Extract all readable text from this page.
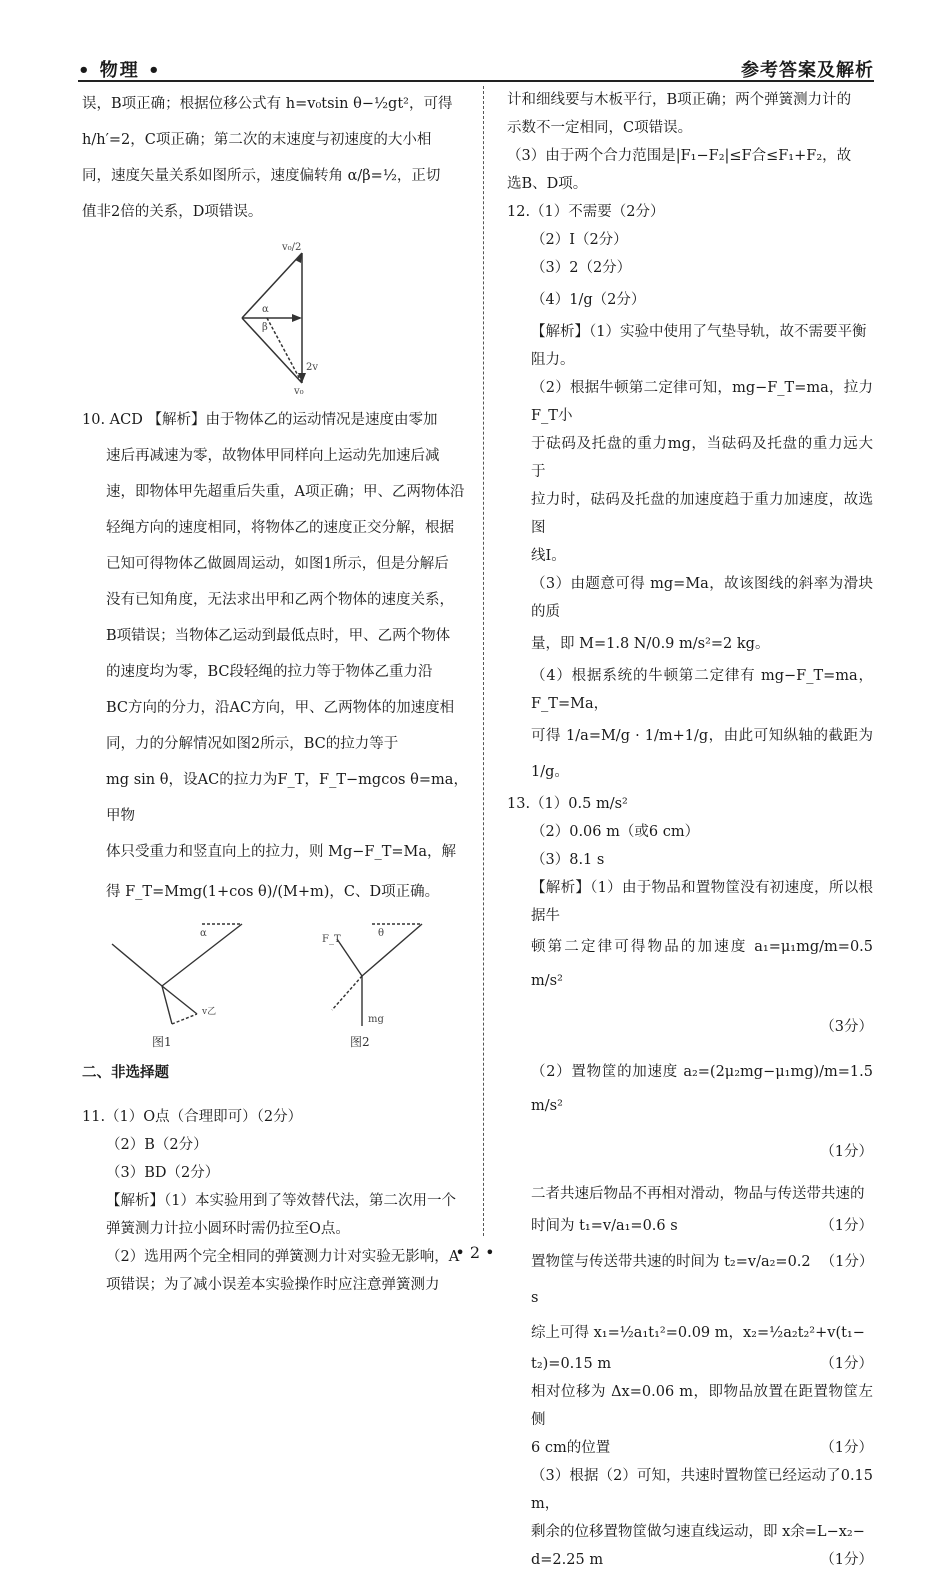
• 物理 •	参考答案及解析

误，B项正确；根据位移公式有 h=v₀tsin θ−½gt²，可得

h/h′=2，C项正确；第二次的末速度与初速度的大小相

同，速度矢量关系如图所示，速度偏转角 α/β=½，正切

值非2倍的关系，D项错误。

v₀/2
α
β
v₀
2v

10. ACD 【解析】由于物体乙的运动情况是速度由零加

速后再减速为零，故物体甲同样向上运动先加速后减

速，即物体甲先超重后失重，A项正确；甲、乙两物体沿

轻绳方向的速度相同，将物体乙的速度正交分解，根据

已知可得物体乙做圆周运动，如图1所示，但是分解后

没有已知角度，无法求出甲和乙两个物体的速度关系，

B项错误；当物体乙运动到最低点时，甲、乙两个物体

的速度均为零，BC段轻绳的拉力等于物体乙重力沿

BC方向的分力，沿AC方向，甲、乙两物体的加速度相

同，力的分解情况如图2所示，BC的拉力等于

mg sin θ，设AC的拉力为F_T，F_T−mgcos θ=ma，甲物

体只受重力和竖直向上的拉力，则 Mg−F_T=Ma，解

得 F_T=Mmg(1+cos θ)/(M+m)，C、D项正确。

α
v乙
图1
F_T
θ
mg
图2

二、非选择题

11.（1）O点（合理即可）（2分）

（2）B（2分）

（3）BD（2分）

【解析】（1）本实验用到了等效替代法，第二次用一个

弹簧测力计拉小圆环时需仍拉至O点。

（2）选用两个完全相同的弹簧测力计对实验无影响，A

项错误；为了减小误差本实验操作时应注意弹簧测力

计和细线要与木板平行，B项正确；两个弹簧测力计的

示数不一定相同，C项错误。

（3）由于两个合力范围是|F₁−F₂|≤F合≤F₁+F₂，故

选B、D项。

12.（1）不需要（2分）

（2）Ⅰ（2分）

（3）2（2分）

（4）1/g（2分）

【解析】（1）实验中使用了气垫导轨，故不需要平衡

阻力。

（2）根据牛顿第二定律可知，mg−F_T=ma，拉力F_T小

于砝码及托盘的重力mg，当砝码及托盘的重力远大于

拉力时，砝码及托盘的加速度趋于重力加速度，故选图

线Ⅰ。

（3）由题意可得 mg=Ma，故该图线的斜率为滑块的质

量，即 M=1.8 N/0.9 m/s²=2 kg。

（4）根据系统的牛顿第二定律有 mg−F_T=ma，F_T=Ma，

可得 1/a=M/g · 1/m+1/g，由此可知纵轴的截距为 1/g。

13.（1）0.5 m/s²

（2）0.06 m（或6 cm）

（3）8.1 s

【解析】（1）由于物品和置物筐没有初速度，所以根据牛

顿第二定律可得物品的加速度 a₁=μ₁mg/m=0.5 m/s²

（3分）

（2）置物筐的加速度 a₂=(2μ₂mg−μ₁mg)/m=1.5 m/s²

（1分）

二者共速后物品不再相对滑动，物品与传送带共速的

时间为 t₁=v/a₁=0.6 s	（1分）
置物筐与传送带共速的时间为 t₂=v/a₂=0.2 s
（1分）

综上可得 x₁=½a₁t₁²=0.09 m，x₂=½a₂t₂²+v(t₁−

t₂)=0.15 m	（1分）

相对位移为 Δx=0.06 m，即物品放置在距置物筐左侧

6 cm的位置	（1分）

（3）根据（2）可知，共速时置物筐已经运动了0.15 m，

剩余的位移置物筐做匀速直线运动，即 x余=L−x₂−

d=2.25 m	（1分）
• 2 •
